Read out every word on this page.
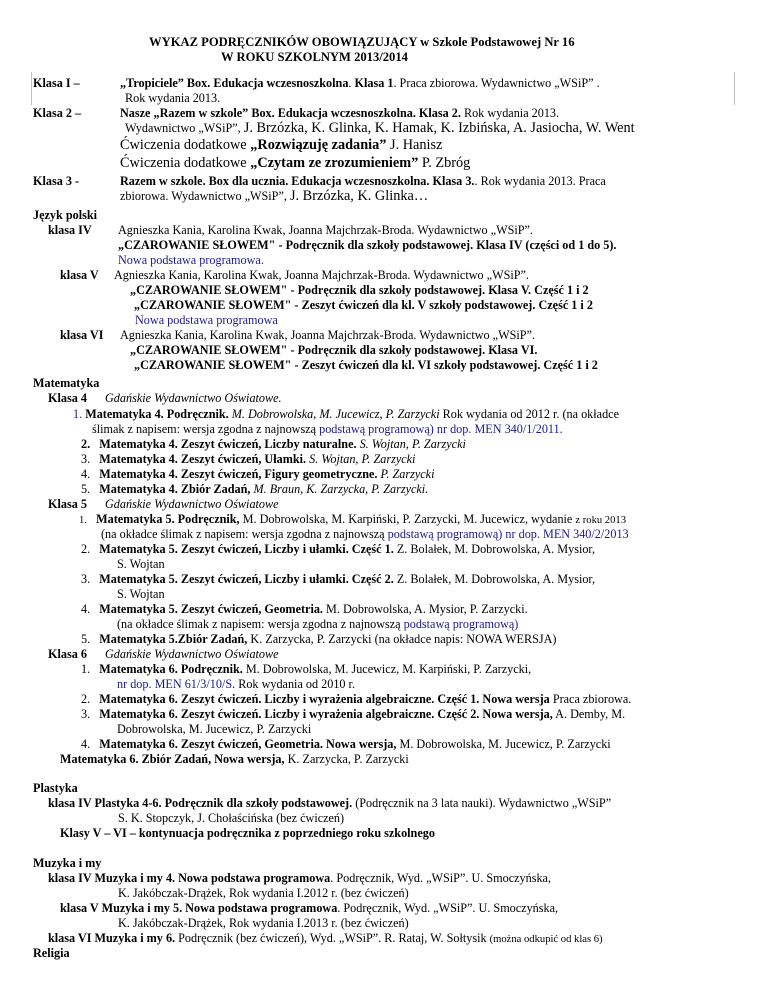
WYKAZ PODRĘCZNIKÓW OBOWIĄZUJĄCY w Szkole Podstawowej Nr 16
W ROKU SZKOLNYM 2013/2014
Klasa I –	„Tropiciele” Box. Edukacja wczesnoszkolna. Klasa 1. Praca zbiorowa. Wydawnictwo „WSiP” .
Rok wydania 2013.
Klasa 2 –	Nasze „Razem w szkole” Box. Edukacja wczesnoszkolna. Klasa 2. Rok wydania 2013.
Wydawnictwo „WSiP”, J. Brzózka, K. Glinka, K. Hamak, K. Izbińska, A. Jasiocha, W. Went
Ćwiczenia dodatkowe „Rozwiązuję zadania” J. Hanisz
Ćwiczenia dodatkowe „Czytam ze zrozumieniem” P. Zbróg
Klasa 3 -	Razem w szkole. Box dla ucznia. Edukacja wczesnoszkolna. Klasa 3.. Rok wydania 2013. Praca
zbiorowa. Wydawnictwo „WSiP”, J. Brzózka, K. Glinka…
Język polski
klasa IV Agnieszka Kania, Karolina Kwak, Joanna Majchrzak-Broda. Wydawnictwo „WSiP”.
„CZAROWANIE SŁOWEM" - Podręcznik dla szkoły podstawowej. Klasa IV (części od 1 do 5).
Nowa podstawa programowa.
klasa V Agnieszka Kania, Karolina Kwak, Joanna Majchrzak-Broda. Wydawnictwo „WSiP”.
„CZAROWANIE SŁOWEM" - Podręcznik dla szkoły podstawowej. Klasa V. Część 1 i 2
„CZAROWANIE SŁOWEM" - Zeszyt ćwiczeń dla kl. V szkoły podstawowej. Część 1 i 2
Nowa podstawa programowa
klasa VI Agnieszka Kania, Karolina Kwak, Joanna Majchrzak-Broda. Wydawnictwo „WSiP”.
„CZAROWANIE SŁOWEM" - Podręcznik dla szkoły podstawowej. Klasa VI.
„CZAROWANIE SŁOWEM" - Zeszyt ćwiczeń dla kl. VI szkoły podstawowej. Część 1 i 2
Matematyka
Klasa 4 Gdańskie Wydawnictwo Oświatowe.
1. Matematyka 4. Podręcznik. M. Dobrowolska, M. Jucewicz, P. Zarzycki Rok wydania od 2012 r. (na okładce
ślimak z napisem: wersja zgodna z najnowszą podstawą programową) nr dop. MEN 340/1/2011.
2. Matematyka 4. Zeszyt ćwiczeń, Liczby naturalne. S. Wojtan, P. Zarzycki
3. Matematyka 4. Zeszyt ćwiczeń, Ułamki. S. Wojtan, P. Zarzycki
4. Matematyka 4. Zeszyt ćwiczeń, Figury geometryczne. P. Zarzycki
5. Matematyka 4. Zbiór Zadań, M. Braun, K. Zarzycka, P. Zarzycki.
Klasa 5 Gdańskie Wydawnictwo Oświatowe
1. Matematyka 5. Podręcznik, M. Dobrowolska, M. Karpiński, P. Zarzycki, M. Jucewicz, wydanie z roku 2013
(na okładce ślimak z napisem: wersja zgodna z najnowszą podstawą programową) nr dop. MEN 340/2/2013
2. Matematyka 5. Zeszyt ćwiczeń, Liczby i ułamki. Część 1. Z. Bolałek, M. Dobrowolska, A. Mysior,
S. Wojtan
3. Matematyka 5. Zeszyt ćwiczeń, Liczby i ułamki. Część 2. Z. Bolałek, M. Dobrowolska, A. Mysior,
S. Wojtan
4. Matematyka 5. Zeszyt ćwiczeń, Geometria. M. Dobrowolska, A. Mysior, P. Zarzycki.
(na okładce ślimak z napisem: wersja zgodna z najnowszą podstawą programową)
5. Matematyka 5.Zbiór Zadań, K. Zarzycka, P. Zarzycki (na okładce napis: NOWA WERSJA)
Klasa 6 Gdańskie Wydawnictwo Oświatowe
1. Matematyka 6. Podręcznik. M. Dobrowolska, M. Jucewicz, M. Karpiński, P. Zarzycki,
nr dop. MEN 61/3/10/S. Rok wydania od 2010 r.
2. Matematyka 6. Zeszyt ćwiczeń. Liczby i wyrażenia algebraiczne. Część 1. Nowa wersja Praca zbiorowa.
3. Matematyka 6. Zeszyt ćwiczeń. Liczby i wyrażenia algebraiczne. Część 2. Nowa wersja, A. Demby, M.
Dobrowolska, M. Jucewicz, P. Zarzycki
4. Matematyka 6. Zeszyt ćwiczeń, Geometria. Nowa wersja, M. Dobrowolska, M. Jucewicz, P. Zarzycki
Matematyka 6. Zbiór Zadań, Nowa wersja, K. Zarzycka, P. Zarzycki
Plastyka
klasa IV Plastyka 4-6. Podręcznik dla szkoły podstawowej. (Podręcznik na 3 lata nauki). Wydawnictwo „WSiP”
S. K. Stopczyk, J. Chołaścińska (bez ćwiczeń)
Klasy V – VI – kontynuacja podręcznika z poprzedniego roku szkolnego
Muzyka i my
klasa IV Muzyka i my 4. Nowa podstawa programowa. Podręcznik, Wyd. „WSiP”. U. Smoczyńska,
K. Jakóbczak-Drążek, Rok wydania I.2012 r. (bez ćwiczeń)
klasa V Muzyka i my 5. Nowa podstawa programowa. Podręcznik, Wyd. „WSiP”. U. Smoczyńska,
K. Jakóbczak-Drążek, Rok wydania I.2013 r. (bez ćwiczeń)
klasa VI Muzyka i my 6. Podręcznik (bez ćwiczeń), Wyd. „WSiP”. R. Rataj, W. Sołtysik (można odkupić od klas 6)
Religia
